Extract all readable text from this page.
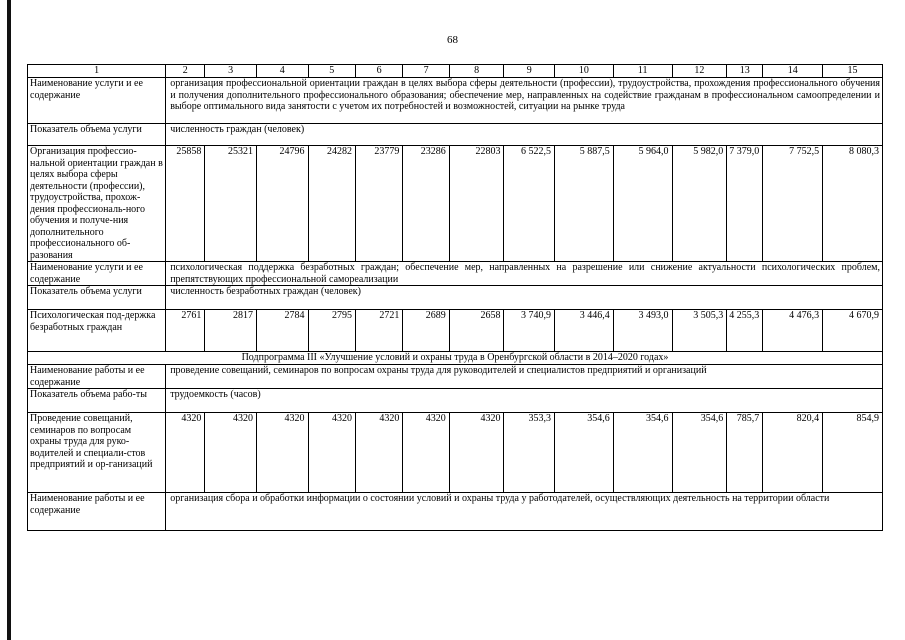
68
1	2	3	4	5	6	7	8	9	10	11	12	13	14	15
Наименование услуги и ее содержание	организация профессиональной ориентации граждан в целях выбора сферы деятельности (профессии), трудоустройства, прохождения профессионального обучения и получения дополнительного профессионального образования; обеспечение мер, направленных на содействие гражданам в профессиональном самоопределении и выборе оптимального вида занятости с учетом их потребностей и возможностей, ситуации на рынке труда													
Показатель объема услуги	численность граждан (человек)													
Организация профессио-нальной ориентации граждан в целях выбора сферы деятельности (профессии), трудоустройства, прохож-дения профессиональ-ного обучения и получе-ния дополнительного профессионального об-разования	25858	25321	24796	24282	23779	23286	22803	6 522,5	5 887,5	5 964,0	5 982,0	7 379,0	7 752,5	8 080,3
Наименование услуги и ее содержание	психологическая поддержка безработных граждан; обеспечение мер, направленных на разрешение или снижение актуальности психологических проблем, препятствующих профессиональной самореализации													
Показатель объема услуги	численность безработных граждан (человек)													
Психологическая под-держка безработных граждан	2761	2817	2784	2795	2721	2689	2658	3 740,9	3 446,4	3 493,0	3 505,3	4 255,3	4 476,3	4 670,9
Подпрограмма III «Улучшение условий и охраны труда в Оренбургской области в 2014–2020 годах»														
Наименование работы и ее содержание	проведение совещаний, семинаров по вопросам охраны труда для руководителей и специалистов предприятий и организаций													
Показатель объема рабо-ты	трудоемкость (часов)													
Проведение совещаний, семинаров по вопросам охраны труда для руко-водителей и специали-стов предприятий и ор-ганизаций	4320	4320	4320	4320	4320	4320	4320	353,3	354,6	354,6	354,6	785,7	820,4	854,9
Наименование работы и ее содержание	организация сбора и обработки информации о состоянии условий и охраны труда у работодателей, осуществляющих деятельность на территории области													
